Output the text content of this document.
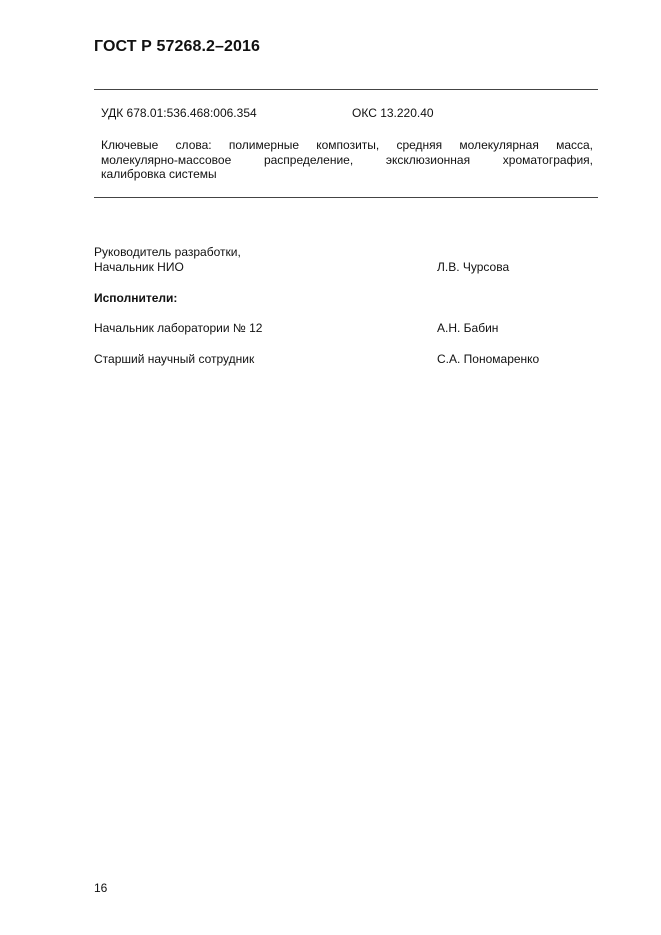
ГОСТ Р 57268.2–2016
УДК 678.01:536.468:006.354	ОКС 13.220.40
Ключевые слова: полимерные композиты, средняя молекулярная масса,
молекулярно-массовое распределение, эксклюзионная хроматография,
калибровка системы
Руководитель разработки,
Начальник НИО	Л.В. Чурсова
Исполнители:
Начальник лаборатории № 12	А.Н. Бабин
Старший научный сотрудник	С.А. Пономаренко
16
